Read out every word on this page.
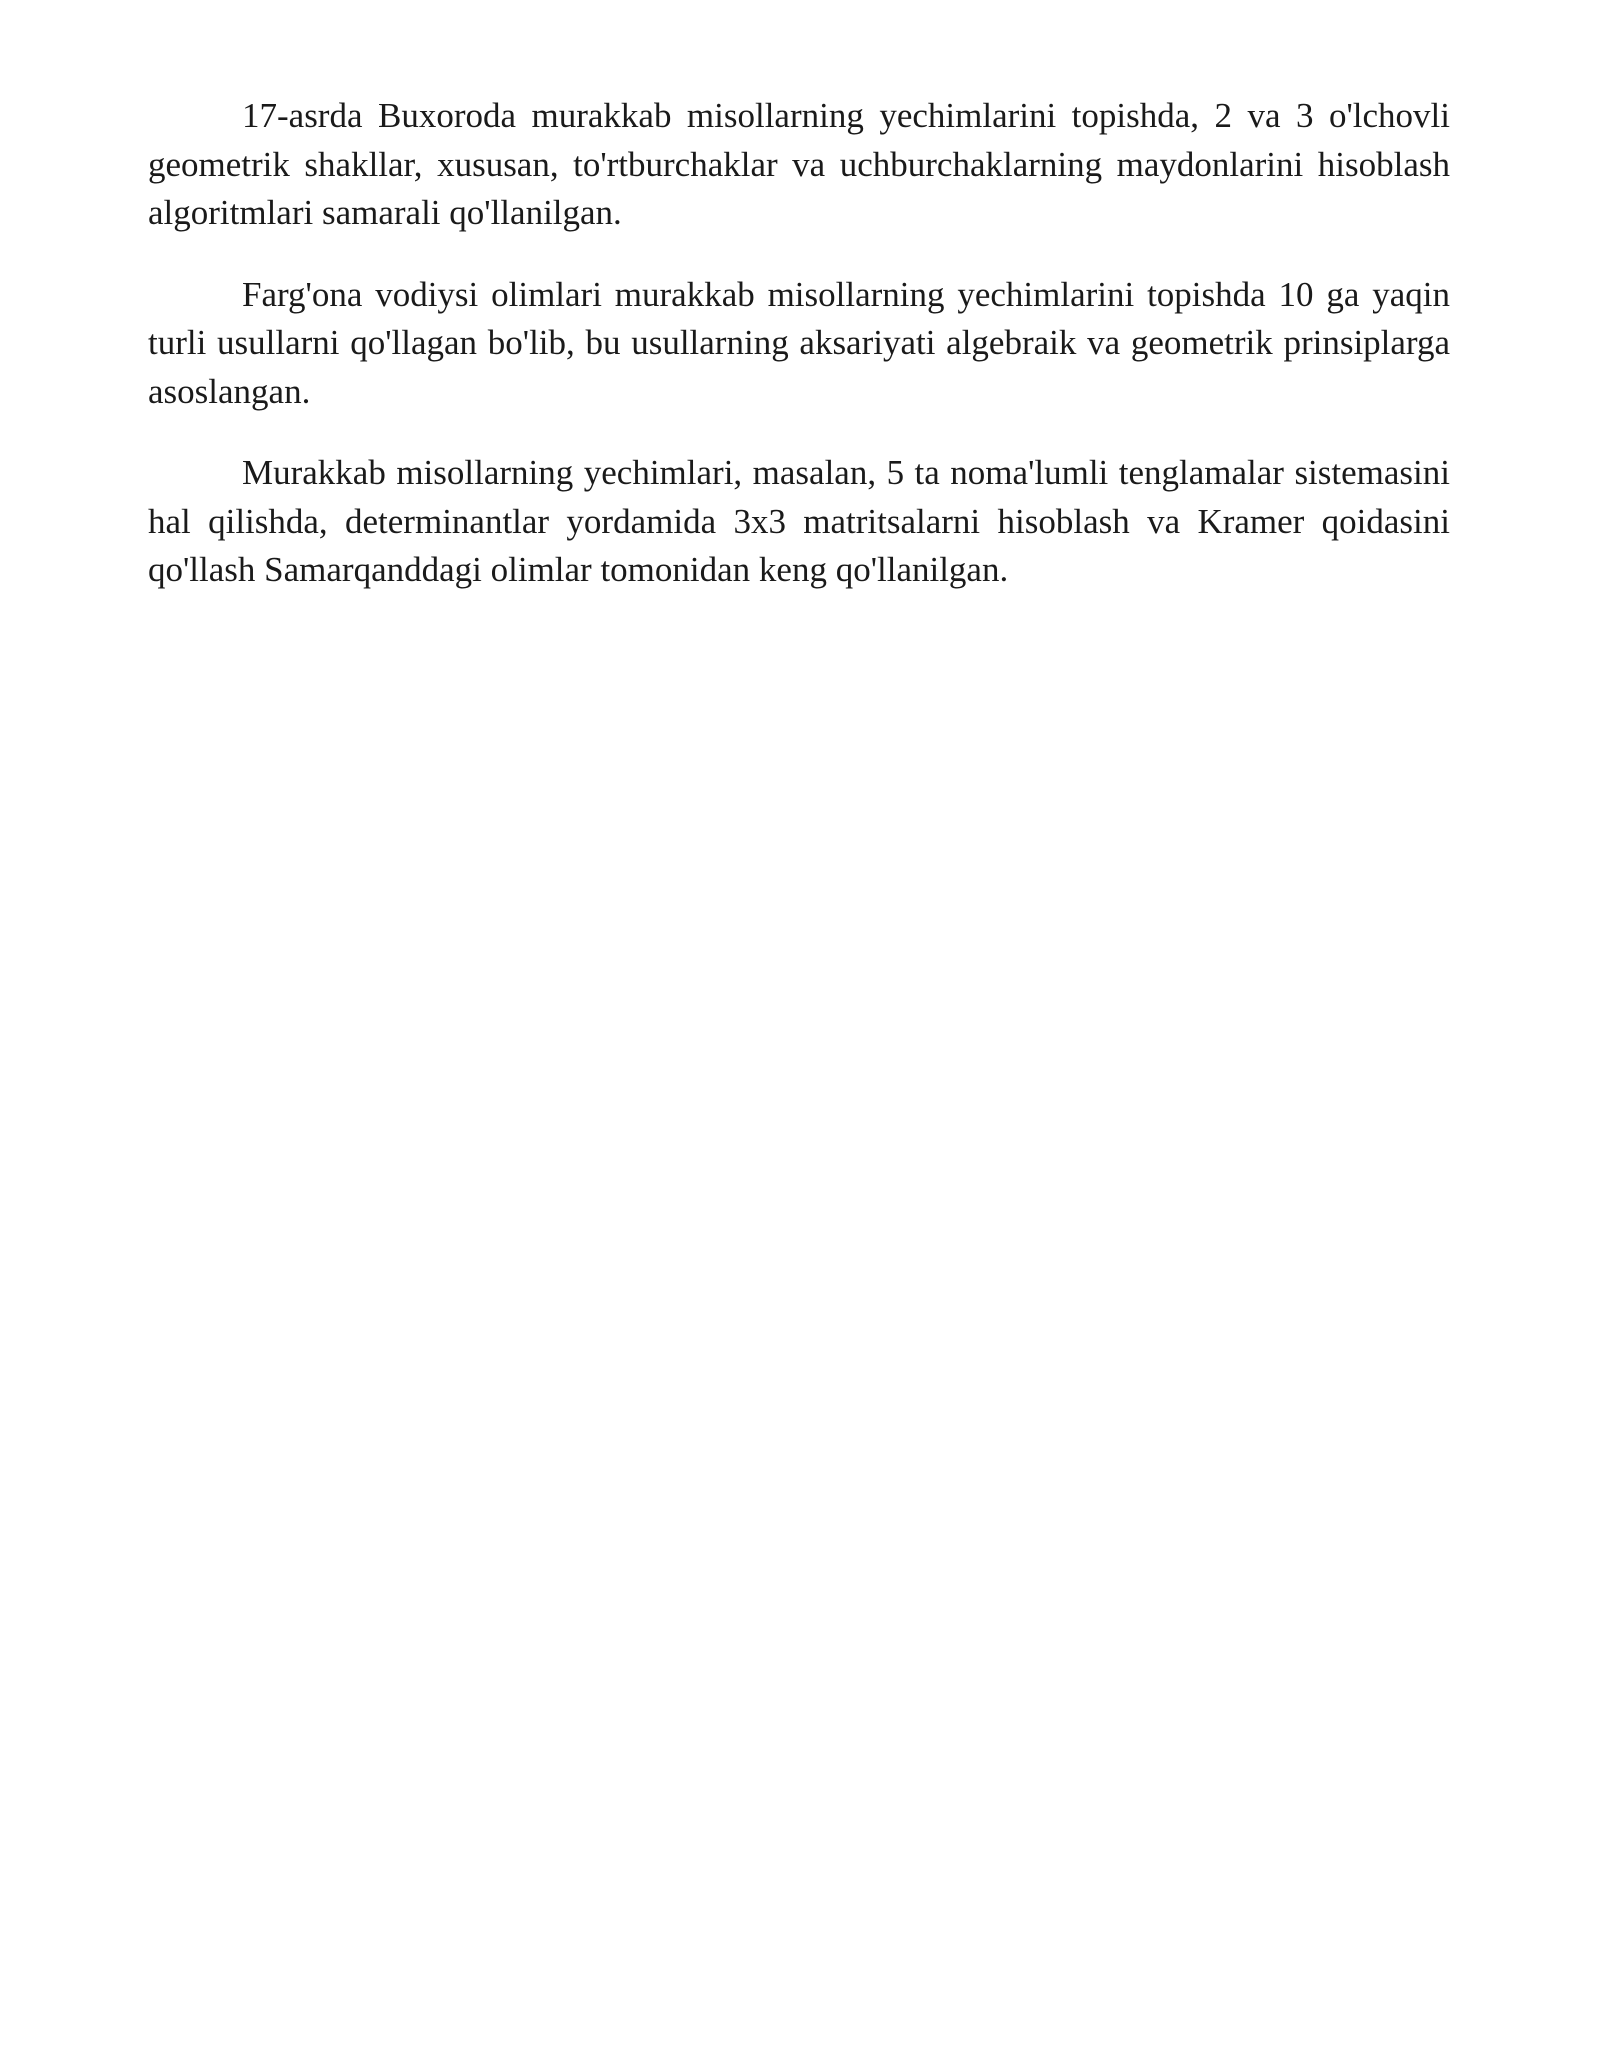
17-asrda Buxoroda murakkab misollarning yechimlarini topishda, 2 va 3 o'lchovli geometrik shakllar, xususan, to'rtburchaklar va uchburchaklarning maydonlarini hisoblash algoritmlari samarali qo'llanilgan.

Farg'ona vodiysi olimlari murakkab misollarning yechimlarini topishda 10 ga yaqin turli usullarni qo'llagan bo'lib, bu usullarning aksariyati algebraik va geometrik prinsiplarga asoslangan.

Murakkab misollarning yechimlari, masalan, 5 ta noma'lumli tenglamalar sistemasini hal qilishda, determinantlar yordamida 3x3 matritsalarni hisoblash va Kramer qoidasini qo'llash Samarqanddagi olimlar tomonidan keng qo'llanilgan.
